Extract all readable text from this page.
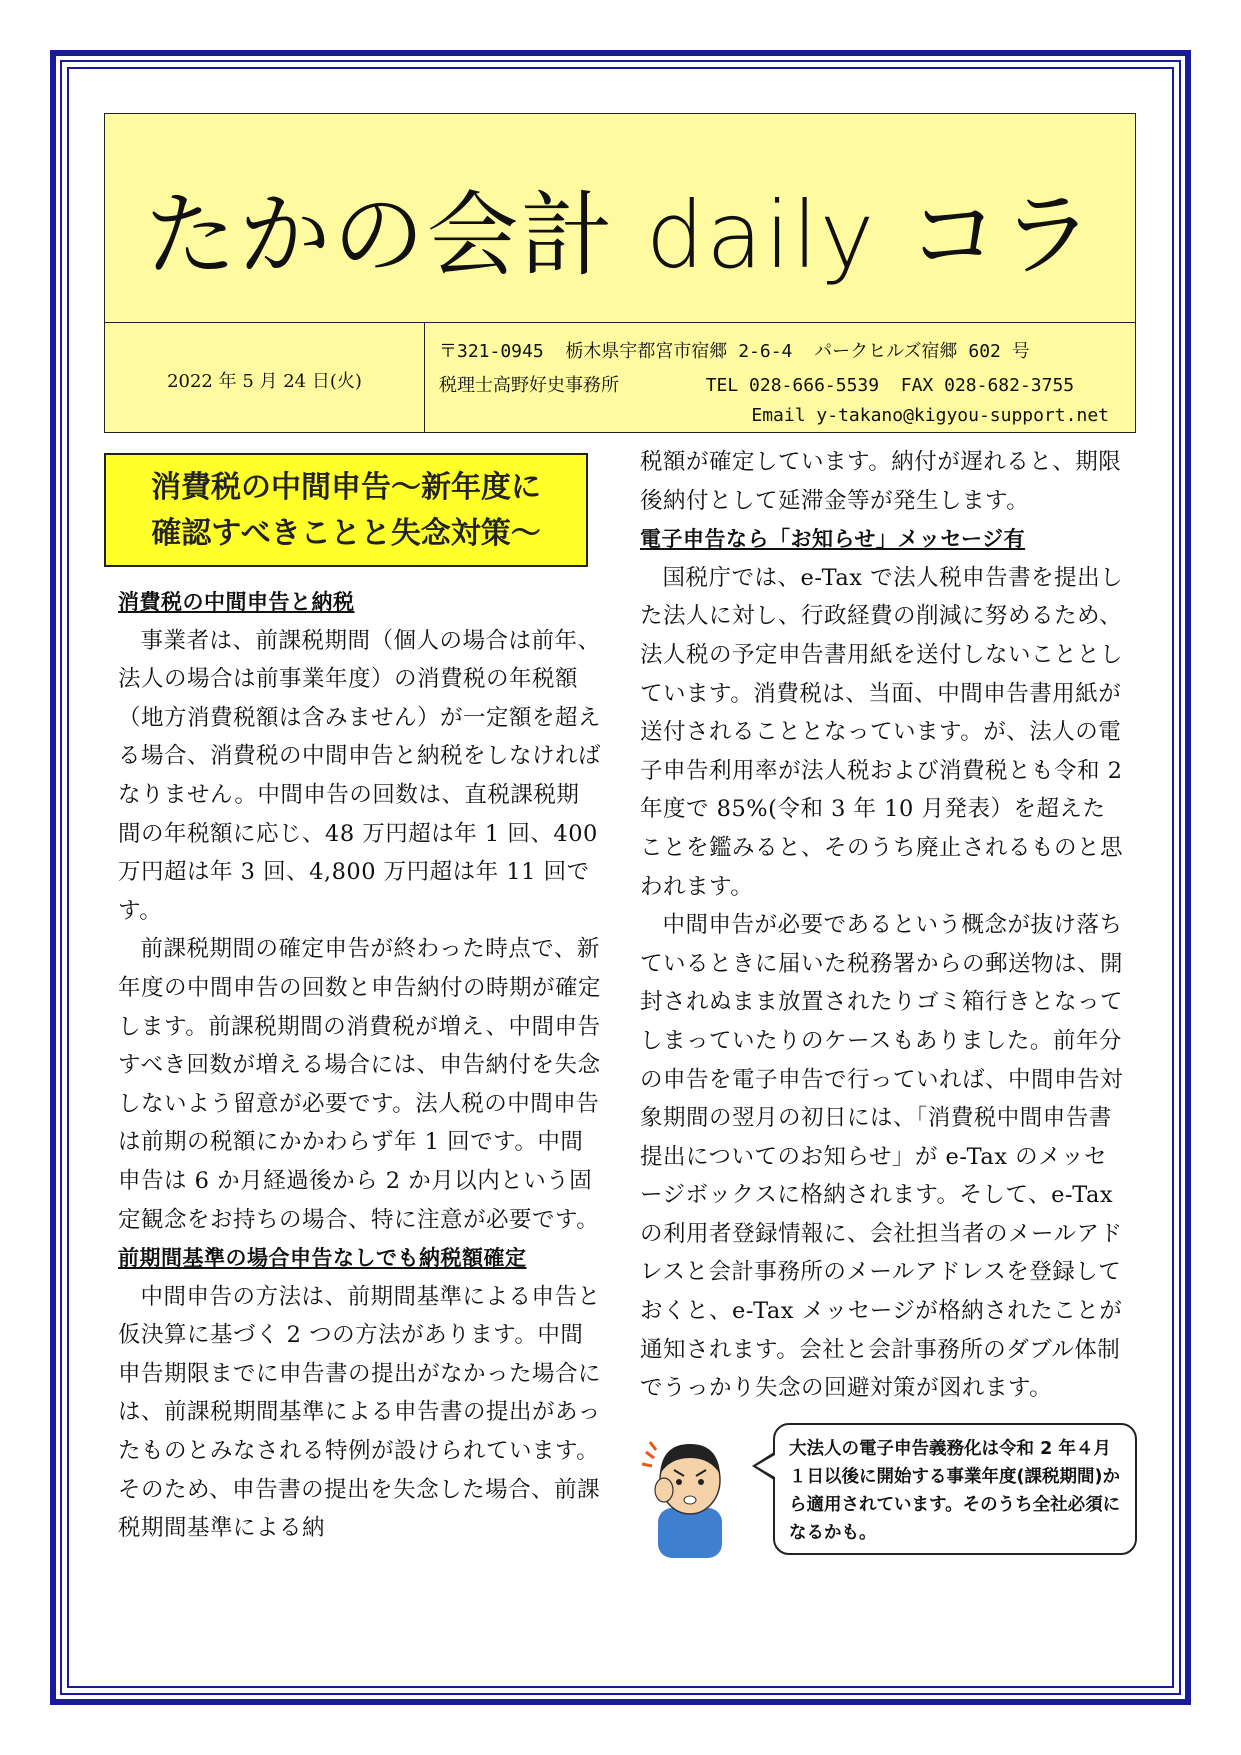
たかの会計 daily コラ
2022 年 5 月 24 日(火)
〒321-0945  栃木県宇都宮市宿郷 2-6-4  パークヒルズ宿郷 602 号
税理士高野好史事務所        TEL 028-666-5539  FAX 028-682-3755
Email y-takano@kigyou-support.net
消費税の中間申告～新年度に
確認すべきことと失念対策～

消費税の中間申告と納税

事業者は、前課税期間（個人の場合は前年、法人の場合は前事業年度）の消費税の年税額（地方消費税額は含みません）が一定額を超える場合、消費税の中間申告と納税をしなければなりません。中間申告の回数は、直税課税期間の年税額に応じ、48 万円超は年 1 回、400 万円超は年 3 回、4,800 万円超は年 11 回です。

前課税期間の確定申告が終わった時点で、新年度の中間申告の回数と申告納付の時期が確定します。前課税期間の消費税が増え、中間申告すべき回数が増える場合には、申告納付を失念しないよう留意が必要です。法人税の中間申告は前期の税額にかかわらず年 1 回です。中間申告は 6 か月経過後から 2 か月以内という固定観念をお持ちの場合、特に注意が必要です。

前期間基準の場合申告なしでも納税額確定

中間申告の方法は、前期間基準による申告と仮決算に基づく 2 つの方法があります。中間申告期限までに申告書の提出がなかった場合には、前課税期間基準による申告書の提出があったものとみなされる特例が設けられています。そのため、申告書の提出を失念した場合、前課税期間基準による納

税額が確定しています。納付が遅れると、期限後納付として延滞金等が発生します。

電子申告なら「お知らせ」メッセージ有

国税庁では、e-Tax で法人税申告書を提出した法人に対し、行政経費の削減に努めるため、法人税の予定申告書用紙を送付しないこととしています。消費税は、当面、中間申告書用紙が送付されることとなっています。が、法人の電子申告利用率が法人税および消費税とも令和 2 年度で 85%(令和 3 年 10 月発表）を超えたことを鑑みると、そのうち廃止されるものと思われます。

中間申告が必要であるという概念が抜け落ちているときに届いた税務署からの郵送物は、開封されぬまま放置されたりゴミ箱行きとなってしまっていたりのケースもありました。前年分の申告を電子申告で行っていれば、中間申告対象期間の翌月の初日には、「消費税中間申告書提出についてのお知らせ」が e-Tax のメッセージボックスに格納されます。そして、e-Tax の利用者登録情報に、会社担当者のメールアドレスと会計事務所のメールアドレスを登録しておくと、e-Tax メッセージが格納されたことが通知されます。会社と会計事務所のダブル体制でうっかり失念の回避対策が図れます。

大法人の電子申告義務化は令和 2 年４月１日以後に開始する事業年度(課税期間)から適用されています。そのうち全社必須になるかも。
